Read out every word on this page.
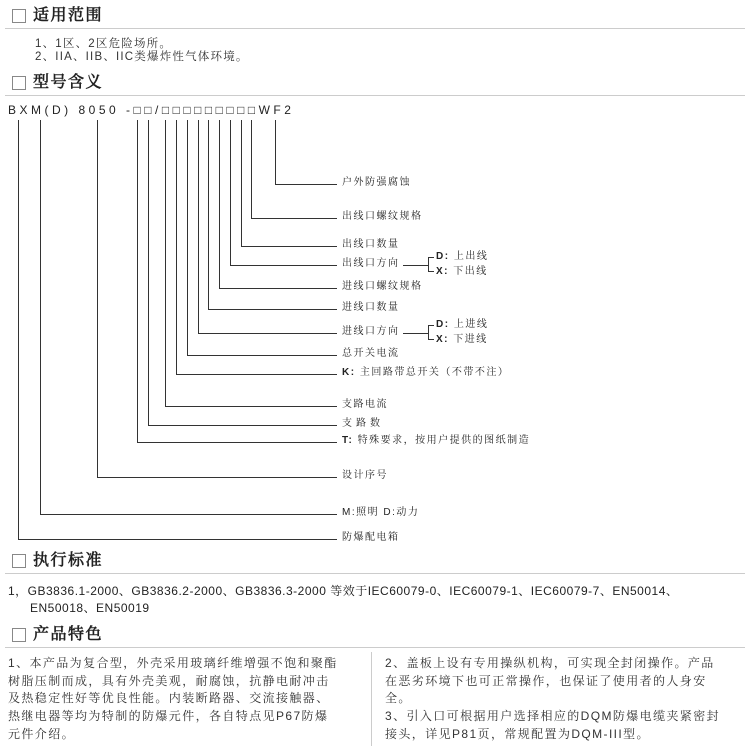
适用范围
1、1区、2区危险场所。
2、IIA、IIB、IIC类爆炸性气体环境。
型号含义
BXM(D) 8050 -□□/□□□□□□□□□WF2
户外防强腐蚀
出线口螺纹规格
出线口数量
出线口方向
D: 上出线
X: 下出线
进线口螺纹规格
进线口数量
进线口方向
D: 上进线
X: 下进线
总开关电流
K: 主回路带总开关（不带不注）
支路电流
支路数
T: 特殊要求，按用户提供的图纸制造
设计序号
M:照明 D:动力
防爆配电箱
执行标准
1，GB3836.1-2000、GB3836.2-2000、GB3836.3-2000 等效于IEC60079-0、IEC60079-1、IEC60079-7、EN50014、
EN50018、EN50019
产品特色
1、本产品为复合型，外壳采用玻璃纤维增强不饱和聚酯
树脂压制而成，具有外壳美观，耐腐蚀，抗静电耐冲击
及热稳定性好等优良性能。内装断路器、交流接触器、
热继电器等均为特制的防爆元件，各自特点见P67防爆
元件介绍。
2、盖板上设有专用操纵机构，可实现全封闭操作。产品
在恶劣环境下也可正常操作，也保证了使用者的人身安
全。
3、引入口可根据用户选择相应的DQM防爆电缆夹紧密封
接头，详见P81页，常规配置为DQM-III型。
